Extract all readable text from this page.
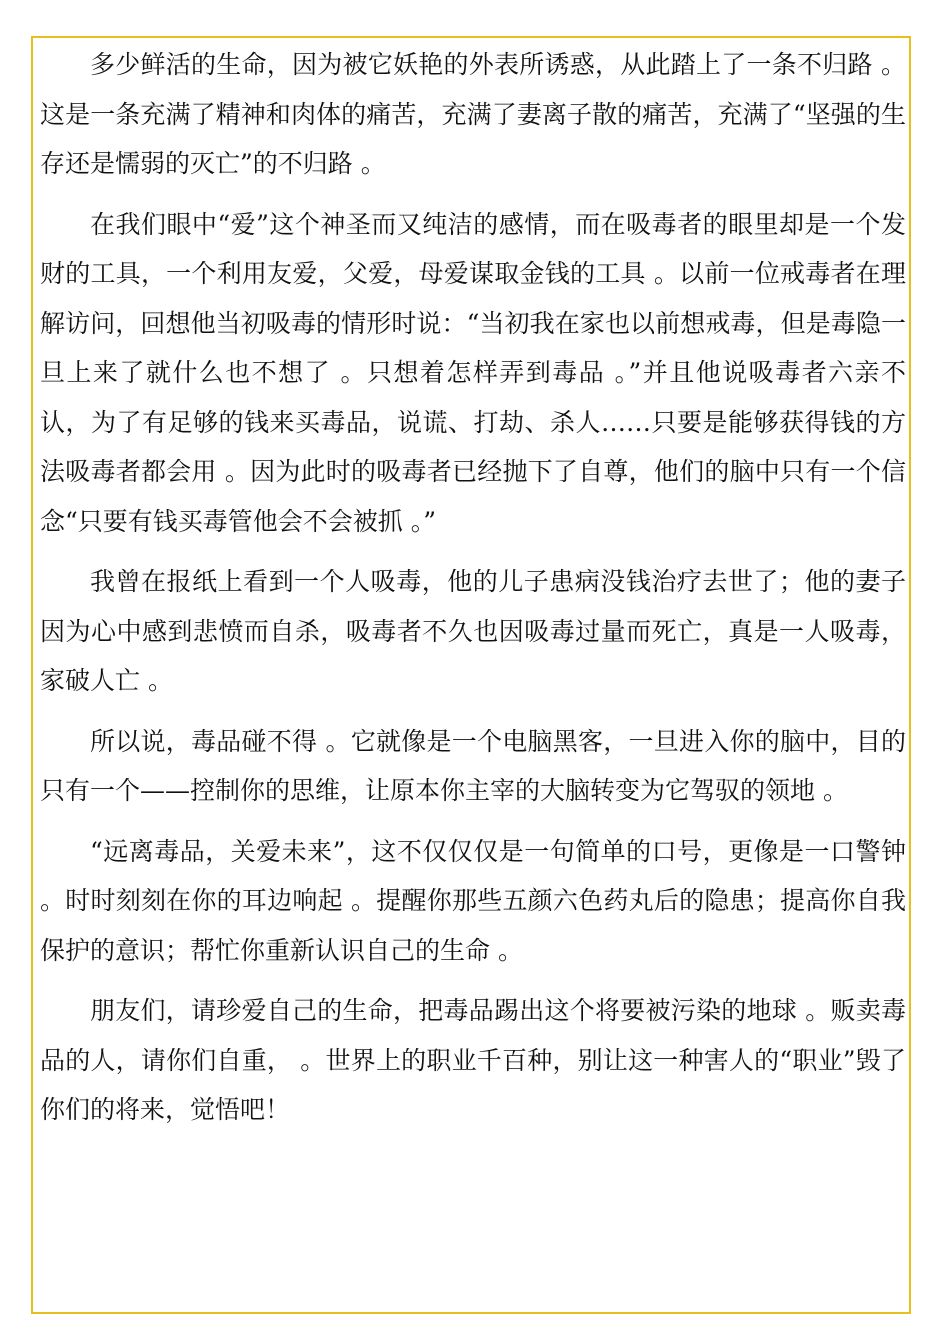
多少鲜活的生命，因为被它妖艳的外表所诱惑，从此踏上了一条不归路 。这是一条充满了精神和肉体的痛苦，充满了妻离子散的痛苦，充满了“坚强的生存还是懦弱的灭亡”的不归路 。

在我们眼中“爱”这个神圣而又纯洁的感情，而在吸毒者的眼里却是一个发财的工具，一个利用友爱，父爱，母爱谋取金钱的工具 。以前一位戒毒者在理解访问，回想他当初吸毒的情形时说：“当初我在家也以前想戒毒，但是毒隐一旦上来了就什么也不想了 。只想着怎样弄到毒品 。”并且他说吸毒者六亲不认，为了有足够的钱来买毒品，说谎、打劫、杀人……只要是能够获得钱的方法吸毒者都会用 。因为此时的吸毒者已经抛下了自尊，他们的脑中只有一个信念“只要有钱买毒管他会不会被抓 。”

我曾在报纸上看到一个人吸毒，他的儿子患病没钱治疗去世了；他的妻子因为心中感到悲愤而自杀，吸毒者不久也因吸毒过量而死亡，真是一人吸毒，家破人亡 。

所以说，毒品碰不得 。它就像是一个电脑黑客，一旦进入你的脑中，目的只有一个——控制你的思维，让原本你主宰的大脑转变为它驾驭的领地 。

“远离毒品，关爱未来”，这不仅仅仅是一句简单的口号，更像是一口警钟 。时时刻刻在你的耳边响起 。提醒你那些五颜六色药丸后的隐患；提高你自我保护的意识；帮忙你重新认识自己的生命 。

朋友们，请珍爱自己的生命，把毒品踢出这个将要被污染的地球 。贩卖毒品的人，请你们自重， 。世界上的职业千百种，别让这一种害人的“职业”毁了你们的将来，觉悟吧！
